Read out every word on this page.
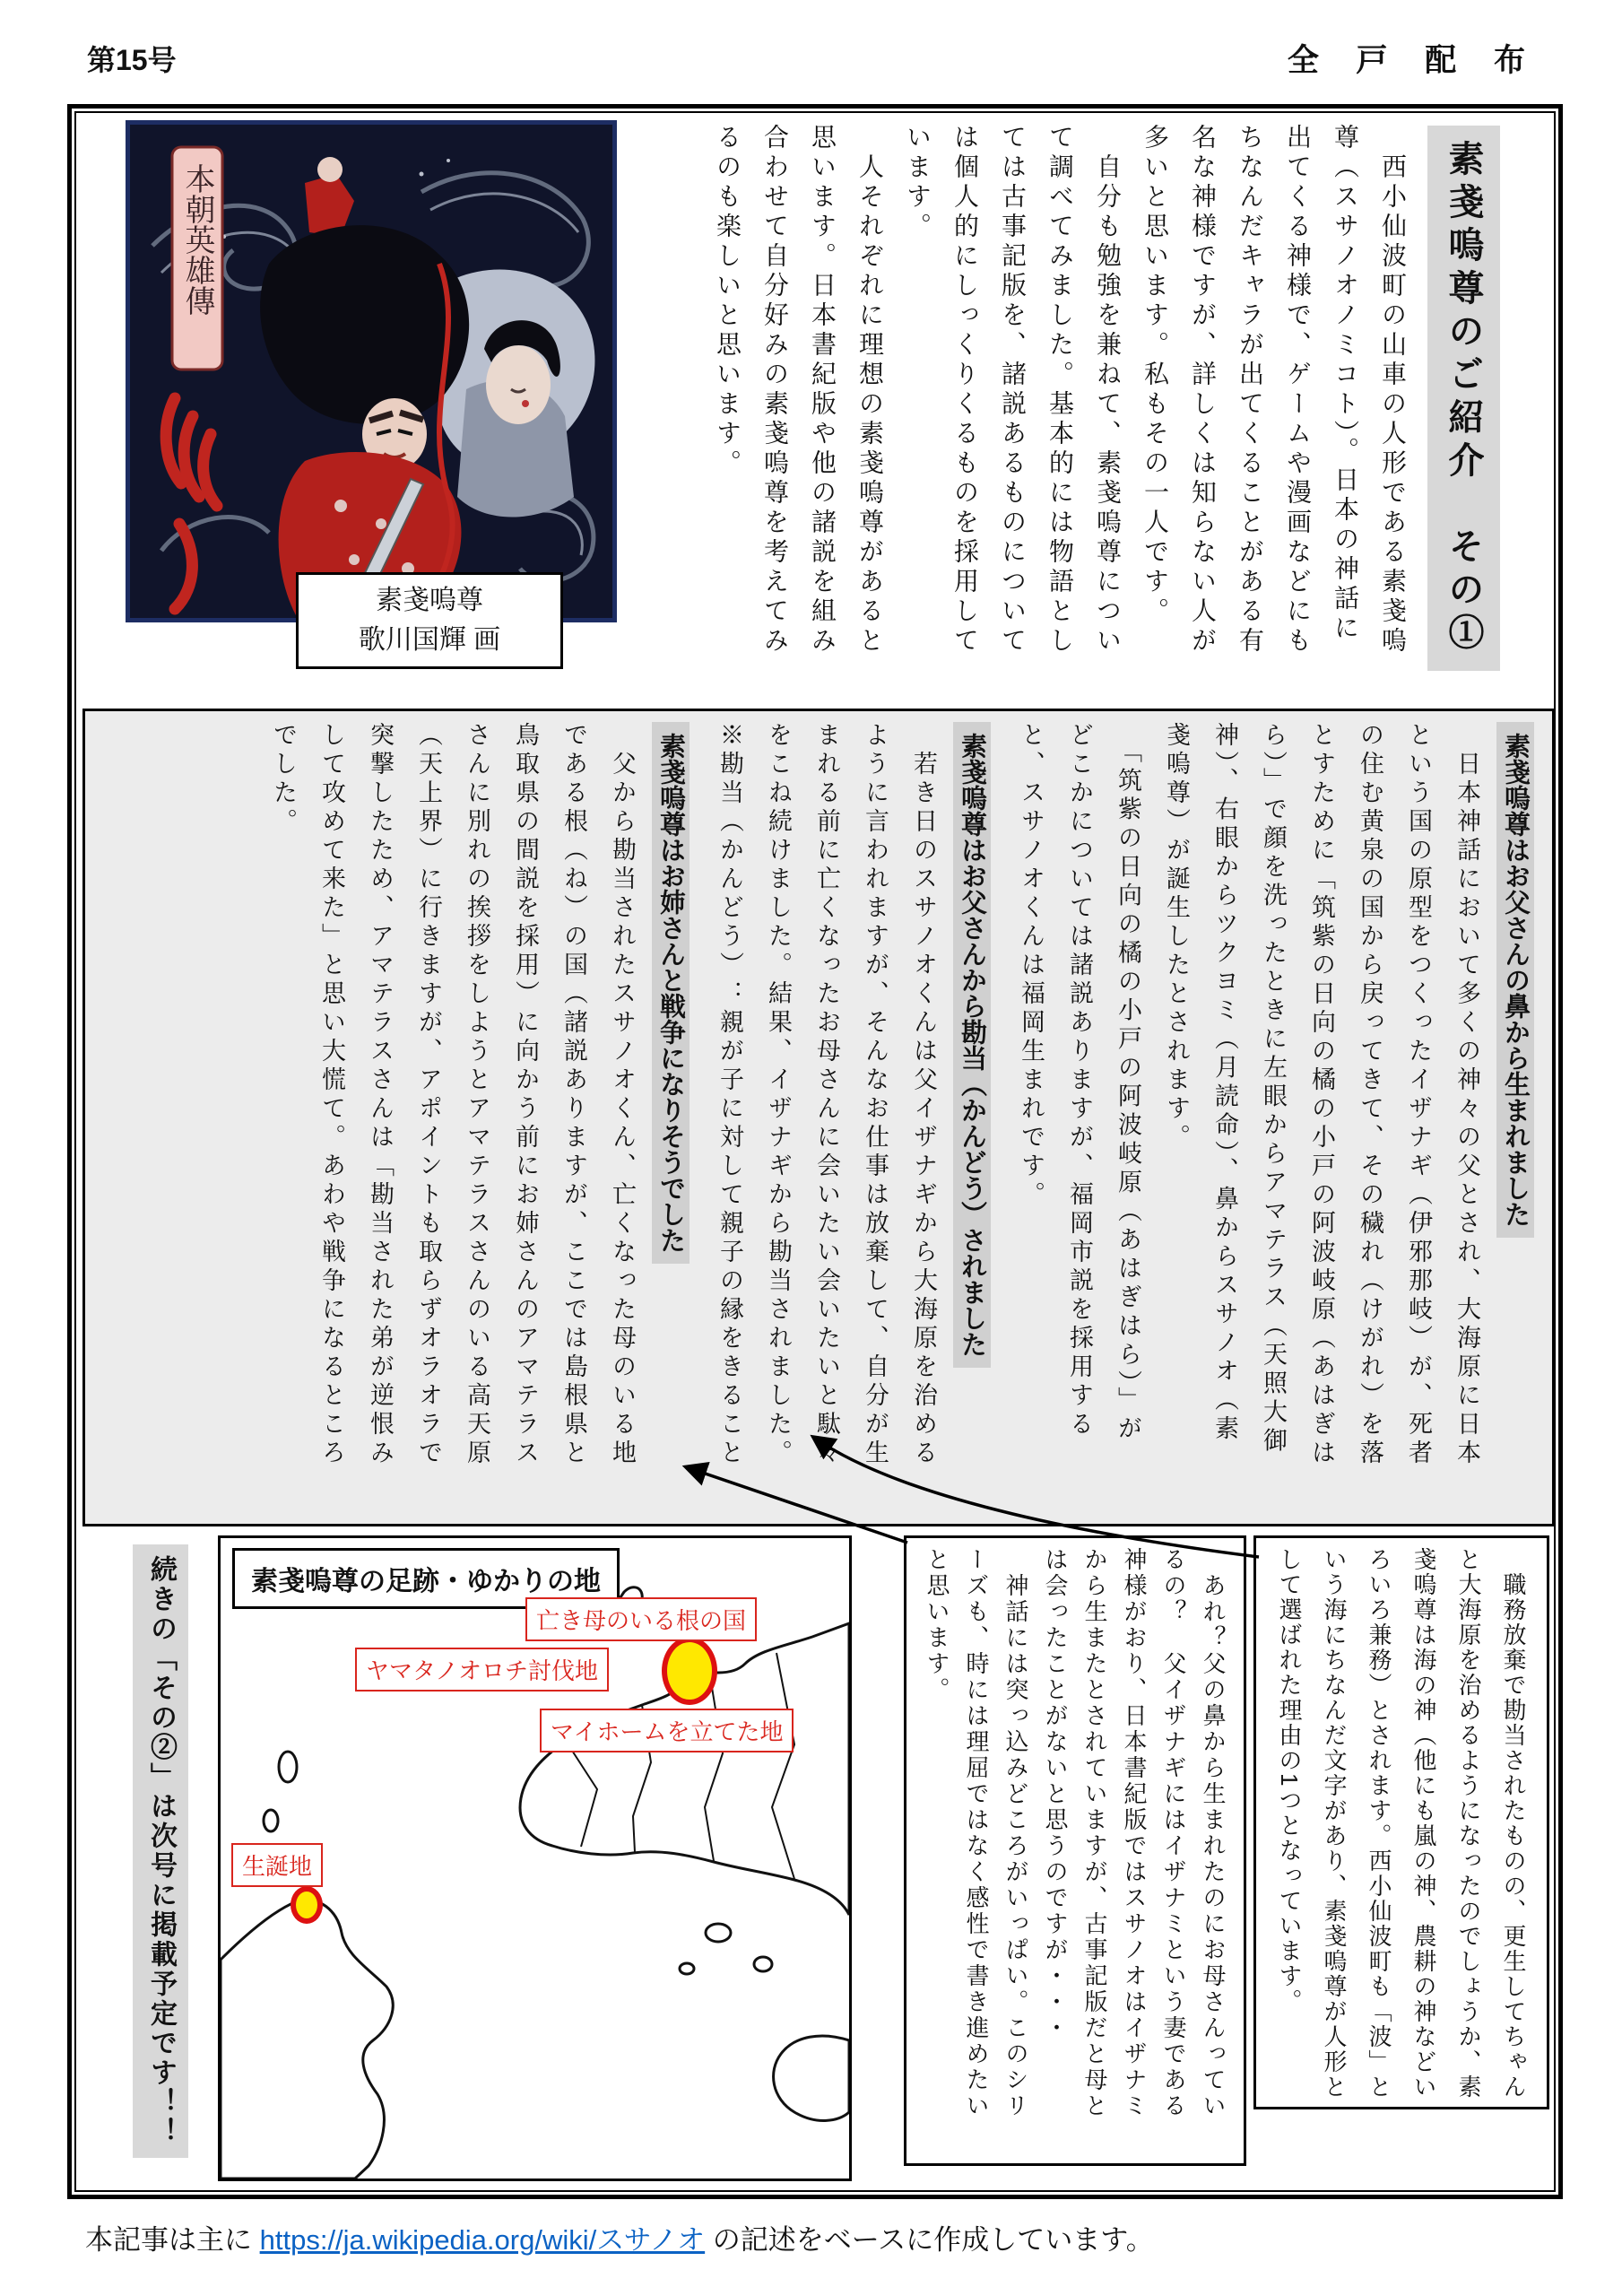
第15号	全 戸 配 布
本朝英雄傳
素戔嗚尊
歌川国輝 画	素戔嗚尊のご紹介　その①
　西小仙波町の山車の人形である素戔嗚
尊（スサノオノミコト）。日本の神話に
出てくる神様で、ゲームや漫画などにも
ちなんだキャラが出てくることがある有
名な神様ですが、詳しくは知らない人が
多いと思います。私もその一人です。
　自分も勉強を兼ねて、素戔嗚尊につい
て調べてみました。基本的には物語とし
ては古事記版を、諸説あるものについて
は個人的にしっくりくるものを採用して
います。
　人それぞれに理想の素戔嗚尊があると
思います。日本書紀版や他の諸説を組み
合わせて自分好みの素戔嗚尊を考えてみ
るのも楽しいと思います。
素戔嗚尊はお父さんの鼻から生まれました
　日本神話において多くの神々の父とされ、大海原に日本
という国の原型をつくったイザナギ（伊邪那岐）が、死者
の住む黄泉の国から戻ってきて、その穢れ（けがれ）を落
とすために「筑紫の日向の橘の小戸の阿波岐原（あはぎは
ら）」で顔を洗ったときに左眼からアマテラス（天照大御
神）、右眼からツクヨミ（月読命）、鼻からスサノオ（素
戔嗚尊）が誕生したとされます。
　「筑紫の日向の橘の小戸の阿波岐原（あはぎはら）」が
どこかについては諸説ありますが、福岡市説を採用する
と、スサノオくんは福岡生まれです。
素戔嗚尊はお父さんから勘当（かんどう）されました
　若き日のスサノオくんは父イザナギから大海原を治める
ように言われますが、そんなお仕事は放棄して、自分が生
まれる前に亡くなったお母さんに会いたい会いたいと駄々
をこね続けました。結果、イザナギから勘当されました。
※勘当（かんどう）：親が子に対して親子の縁をきること
素戔嗚尊はお姉さんと戦争になりそうでした
　父から勘当されたスサノオくん、亡くなった母のいる地
である根（ね）の国（諸説ありますが、ここでは島根県と
鳥取県の間説を採用）に向かう前にお姉さんのアマテラス
さんに別れの挨拶をしようとアマテラスさんのいる高天原
（天上界）に行きますが、アポイントも取らずオラオラで
突撃したため、アマテラスさんは「勘当された弟が逆恨み
して攻めて来た」と思い大慌て。あわや戦争になるところ
でした。
続きの「その②」は次号に掲載予定です！！	素戔嗚尊の足跡・ゆかりの地
亡き母のいる根の国
ヤマタノオロチ討伐地
マイホームを立てた地
生誕地	　あれ？父の鼻から生まれたのにお母さんってい
るの？　父イザナギにはイザナミという妻である
神様がおり、日本書紀版ではスサノオはイザナミ
から生またとされていますが、古事記版だと母と
は会ったことがないと思うのですが・・・
　神話には突っ込みどころがいっぱい。このシリ
ーズも、時には理屈ではなく感性で書き進めたい
と思います。	　職務放棄で勘当されたものの、更生してちゃん
と大海原を治めるようになったのでしょうか、素
戔嗚尊は海の神（他にも嵐の神、農耕の神などい
ろいろ兼務）とされます。西小仙波町も「波」と
いう海にちなんだ文字があり、素戔嗚尊が人形と
して選ばれた理由の1つとなっています。
本記事は主に https://ja.wikipedia.org/wiki/スサノオ の記述をベースに作成しています。
